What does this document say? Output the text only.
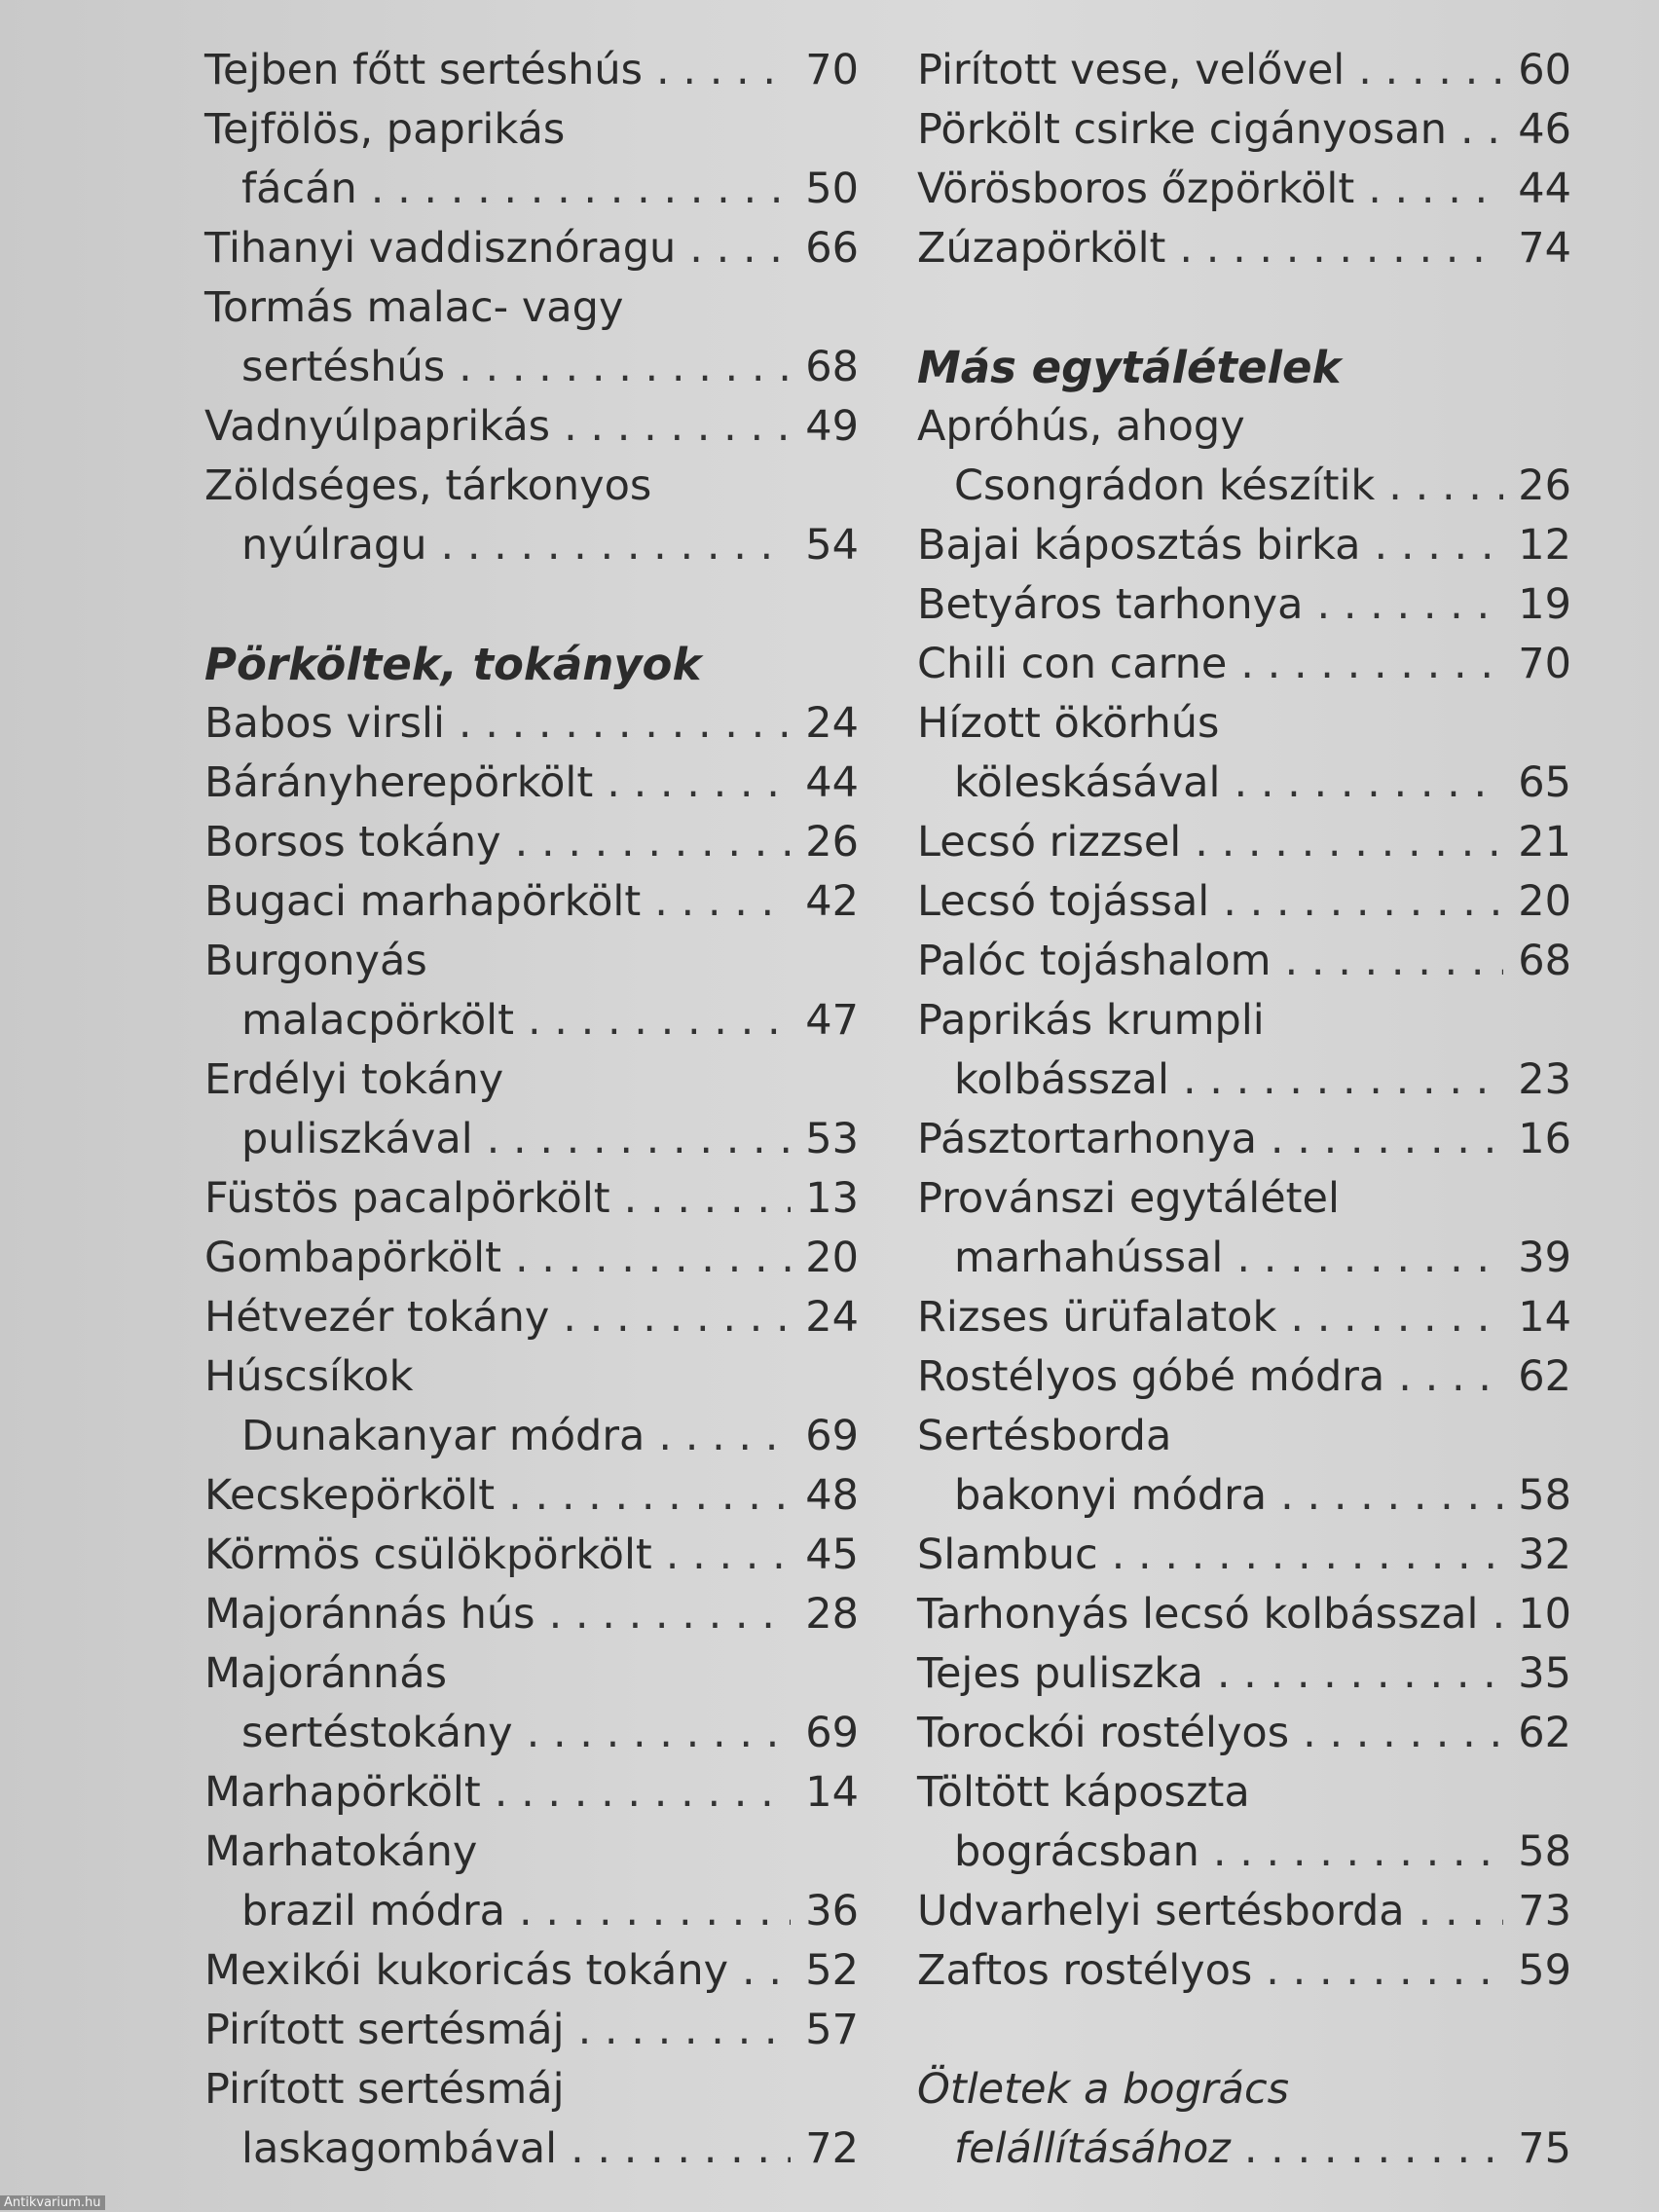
Tejben főtt sertéshús . . .	70
Tejfölös, paprikás
fácán . . .	50
Tihanyi vaddisznóragu . . .	66
Tormás malac- vagy
sertéshús . . .	68
Vadnyúlpaprikás . . .	49
Zöldséges, tárkonyos
nyúlragu . . .	54
Pörköltek, tokányok
Babos virsli . . .	24
Bárányherepörkölt . . .	44
Borsos tokány . . .	26
Bugaci marhapörkölt . . .	42
Burgonyás
malacpörkölt . . .	47
Erdélyi tokány
puliszkával . . .	53
Füstös pacalpörkölt . . .	13
Gombapörkölt . . .	20
Hétvezér tokány . . .	24
Húscsíkok
Dunakanyar módra . . .	69
Kecskepörkölt . . .	48
Körmös csülökpörkölt . . .	45
Majoránnás hús . . .	28
Majoránnás
sertéstokány . . .	69
Marhapörkölt . . .	14
Marhatokány
brazil módra . . .	36
Mexikói kukoricás tokány . . . 52
Pirított sertésmáj . . .	57
Pirított sertésmáj
laskagombával . . .	72
Pirított vese, velővel . . .	60
Pörkölt csirke cigányosan . . . 46
Vörösboros őzpörkölt . . .	44
Zúzapörkölt . . .	74
Más egytálételek
Apróhús, ahogy
Csongrádon készítik . . .	26
Bajai káposztás birka . . .	12
Betyáros tarhonya . . .	19
Chili con carne . . .	70
Hízott ökörhús
köleskásával . . .	65
Lecsó rizzsel . . .	21
Lecsó tojással . . .	20
Palóc tojáshalom . . .	68
Paprikás krumpli
kolbásszal . . .	23
Pásztortarhonya . . .	16
Provánszi egytálétel
marhahússal . . .	39
Rizses ürüfalatok . . .	14
Rostélyos góbé módra . . .	62
Sertésborda
bakonyi módra . . .	58
Slambuc . . .	32
Tarhonyás lecsó kolbásszal . . . 10
Tejes puliszka . . .	35
Torockói rostélyos . . .	62
Töltött káposzta
bográcsban . . .	58
Udvarhelyi sertésborda . . .	73
Zaftos rostélyos . . .	59
Ötletek a bogrács
felállításához . . .	75
Antikvarium.hu
